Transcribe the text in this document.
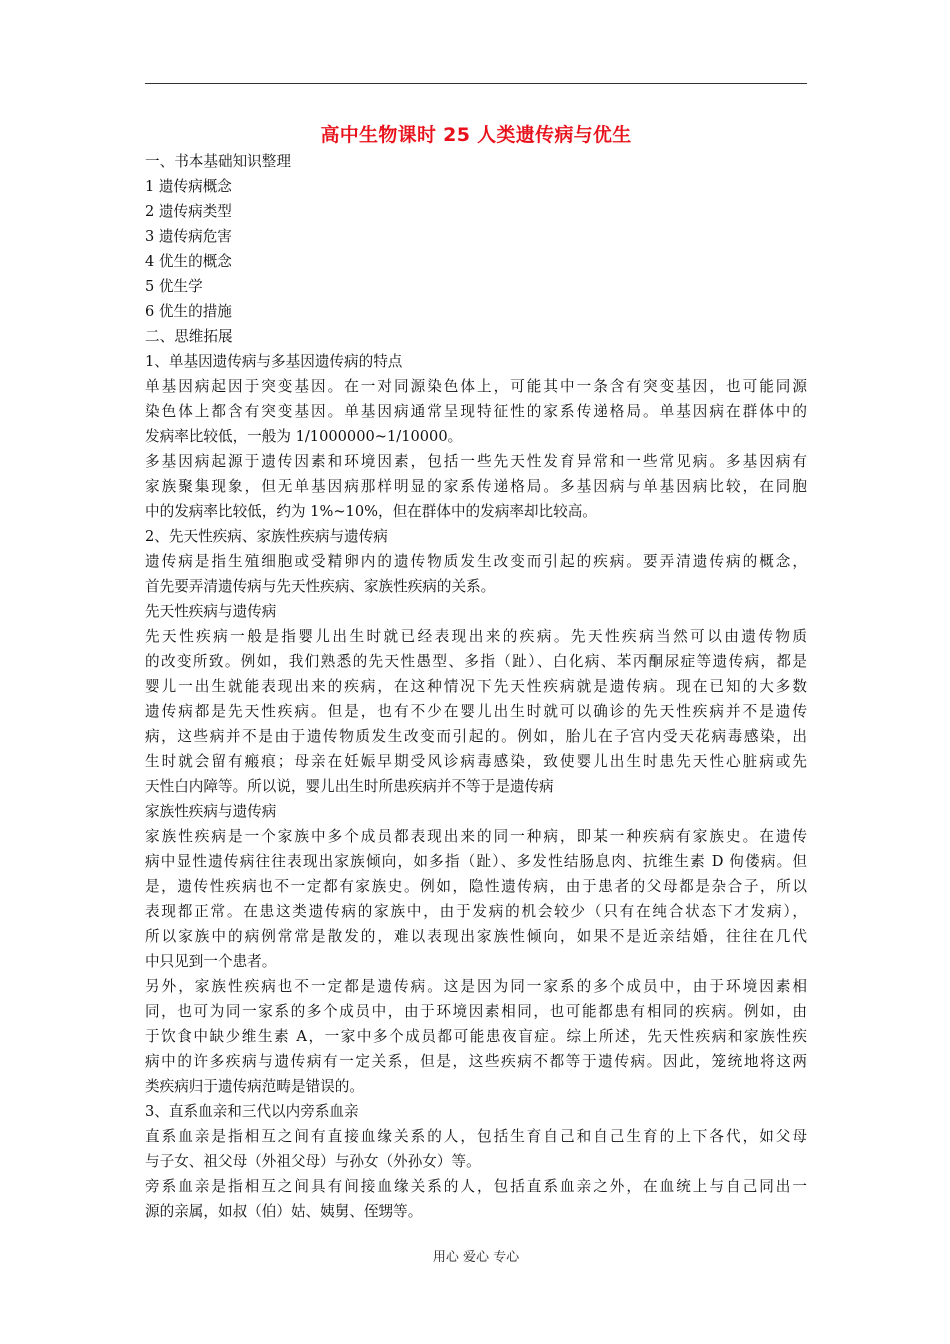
高中生物课时 25 人类遗传病与优生
一、书本基础知识整理
1 遗传病概念
2 遗传病类型
3 遗传病危害
4 优生的概念
5 优生学
6 优生的措施
二、思维拓展
1、单基因遗传病与多基因遗传病的特点
单基因病起因于突变基因。在一对同源染色体上，可能其中一条含有突变基因，也可能同源
染色体上都含有突变基因。单基因病通常呈现特征性的家系传递格局。单基因病在群体中的
发病率比较低，一般为 1/1000000~1/10000。
多基因病起源于遗传因素和环境因素，包括一些先天性发育异常和一些常见病。多基因病有
家族聚集现象，但无单基因病那样明显的家系传递格局。多基因病与单基因病比较，在同胞
中的发病率比较低，约为 1%~10%，但在群体中的发病率却比较高。
2、先天性疾病、家族性疾病与遗传病
遗传病是指生殖细胞或受精卵内的遗传物质发生改变而引起的疾病。要弄清遗传病的概念，
首先要弄清遗传病与先天性疾病、家族性疾病的关系。
先天性疾病与遗传病
先天性疾病一般是指婴儿出生时就已经表现出来的疾病。先天性疾病当然可以由遗传物质
的改变所致。例如，我们熟悉的先天性愚型、多指（趾）、白化病、苯丙酮尿症等遗传病，都是
婴儿一出生就能表现出来的疾病，在这种情况下先天性疾病就是遗传病。现在已知的大多数
遗传病都是先天性疾病。但是，也有不少在婴儿出生时就可以确诊的先天性疾病并不是遗传
病，这些病并不是由于遗传物质发生改变而引起的。例如，胎儿在子宫内受天花病毒感染，出
生时就会留有瘢痕；母亲在妊娠早期受风诊病毒感染，致使婴儿出生时患先天性心脏病或先
天性白内障等。所以说，婴儿出生时所患疾病并不等于是遗传病
家族性疾病与遗传病
家族性疾病是一个家族中多个成员都表现出来的同一种病，即某一种疾病有家族史。在遗传
病中显性遗传病往往表现出家族倾向，如多指（趾）、多发性结肠息肉、抗维生素 D 佝偻病。但
是，遗传性疾病也不一定都有家族史。例如，隐性遗传病，由于患者的父母都是杂合子，所以
表现都正常。在患这类遗传病的家族中，由于发病的机会较少（只有在纯合状态下才发病），
所以家族中的病例常常是散发的，难以表现出家族性倾向，如果不是近亲结婚，往往在几代
中只见到一个患者。
另外，家族性疾病也不一定都是遗传病。这是因为同一家系的多个成员中，由于环境因素相
同，也可为同一家系的多个成员中，由于环境因素相同，也可能都患有相同的疾病。例如，由
于饮食中缺少维生素 A，一家中多个成员都可能患夜盲症。综上所述，先天性疾病和家族性疾
病中的许多疾病与遗传病有一定关系，但是，这些疾病不都等于遗传病。因此，笼统地将这两
类疾病归于遗传病范畴是错误的。
3、直系血亲和三代以内旁系血亲
直系血亲是指相互之间有直接血缘关系的人，包括生育自己和自己生育的上下各代，如父母
与子女、祖父母（外祖父母）与孙女（外孙女）等。
旁系血亲是指相互之间具有间接血缘关系的人，包括直系血亲之外，在血统上与自己同出一
源的亲属，如叔（伯）姑、姨舅、侄甥等。
用心 爱心 专心
